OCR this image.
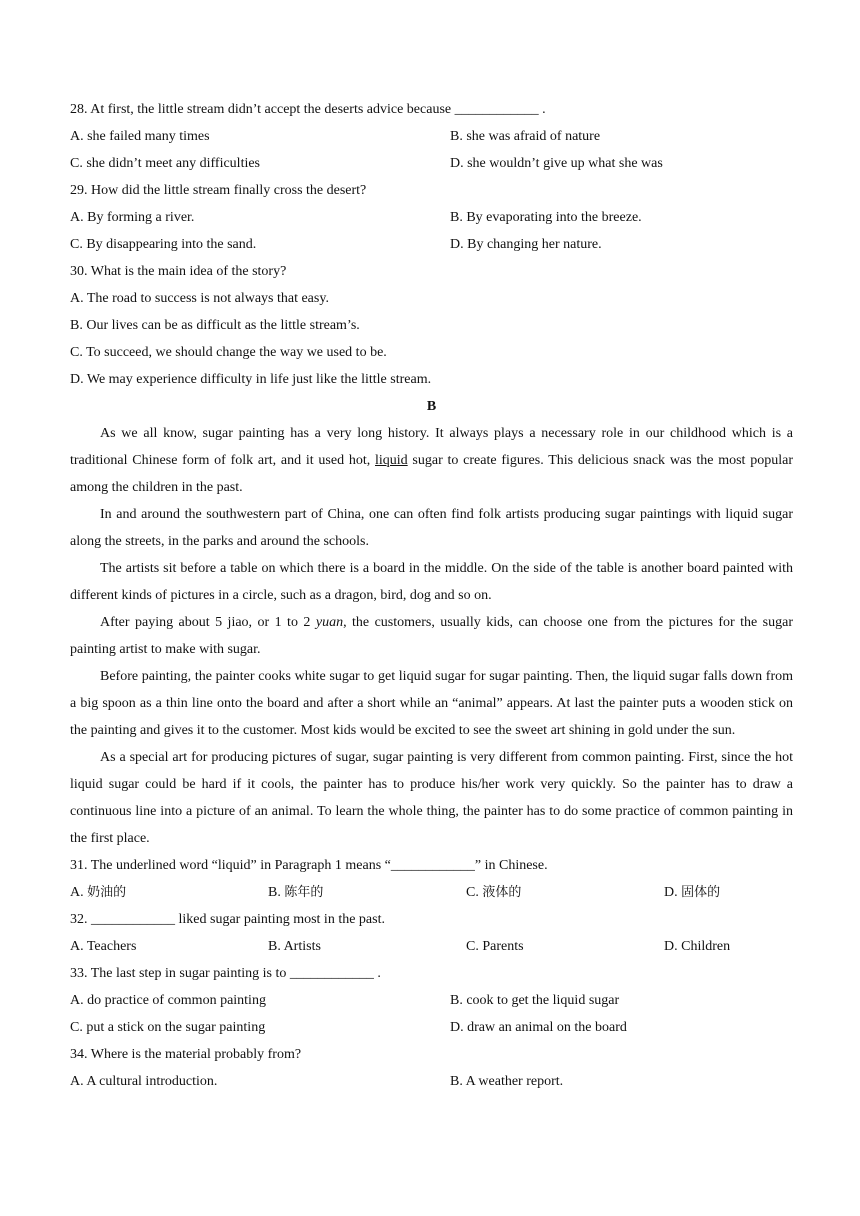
28. At first, the little stream didn’t accept the deserts advice because ____________ .
A. she failed many times	B. she was afraid of nature
C. she didn’t meet any difficulties	D. she wouldn’t give up what she was
29. How did the little stream finally cross the desert?
A. By forming a river.	B. By evaporating into the breeze.
C. By disappearing into the sand.	D. By changing her nature.
30. What is the main idea of the story?
A. The road to success is not always that easy.
B. Our lives can be as difficult as the little stream’s.
C. To succeed, we should change the way we used to be.
D. We may experience difficulty in life just like the little stream.
B

As we all know, sugar painting has a very long history. It always plays a necessary role in our childhood which is a traditional Chinese form of folk art, and it used hot, liquid sugar to create figures. This delicious snack was the most popular among the children in the past.

In and around the southwestern part of China, one can often find folk artists producing sugar paintings with liquid sugar along the streets, in the parks and around the schools.

The artists sit before a table on which there is a board in the middle. On the side of the table is another board painted with different kinds of pictures in a circle, such as a dragon, bird, dog and so on.

After paying about 5 jiao, or 1 to 2 yuan, the customers, usually kids, can choose one from the pictures for the sugar painting artist to make with sugar.

Before painting, the painter cooks white sugar to get liquid sugar for sugar painting. Then, the liquid sugar falls down from a big spoon as a thin line onto the board and after a short while an “animal” appears. At last the painter puts a wooden stick on the painting and gives it to the customer. Most kids would be excited to see the sweet art shining in gold under the sun.

As a special art for producing pictures of sugar, sugar painting is very different from common painting. First, since the hot liquid sugar could be hard if it cools, the painter has to produce his/her work very quickly. So the painter has to draw a continuous line into a picture of an animal. To learn the whole thing, the painter has to do some practice of common painting in the first place.

31. The underlined word “liquid” in Paragraph 1 means “____________” in Chinese.
A. 奶油的	B. 陈年的	C. 液体的	D. 固体的
32. ____________ liked sugar painting most in the past.
A. Teachers	B. Artists	C. Parents	D. Children
33. The last step in sugar painting is to ____________ .
A. do practice of common painting	B. cook to get the liquid sugar
C. put a stick on the sugar painting	D. draw an animal on the board
34. Where is the material probably from?
A. A cultural introduction.	B. A weather report.
